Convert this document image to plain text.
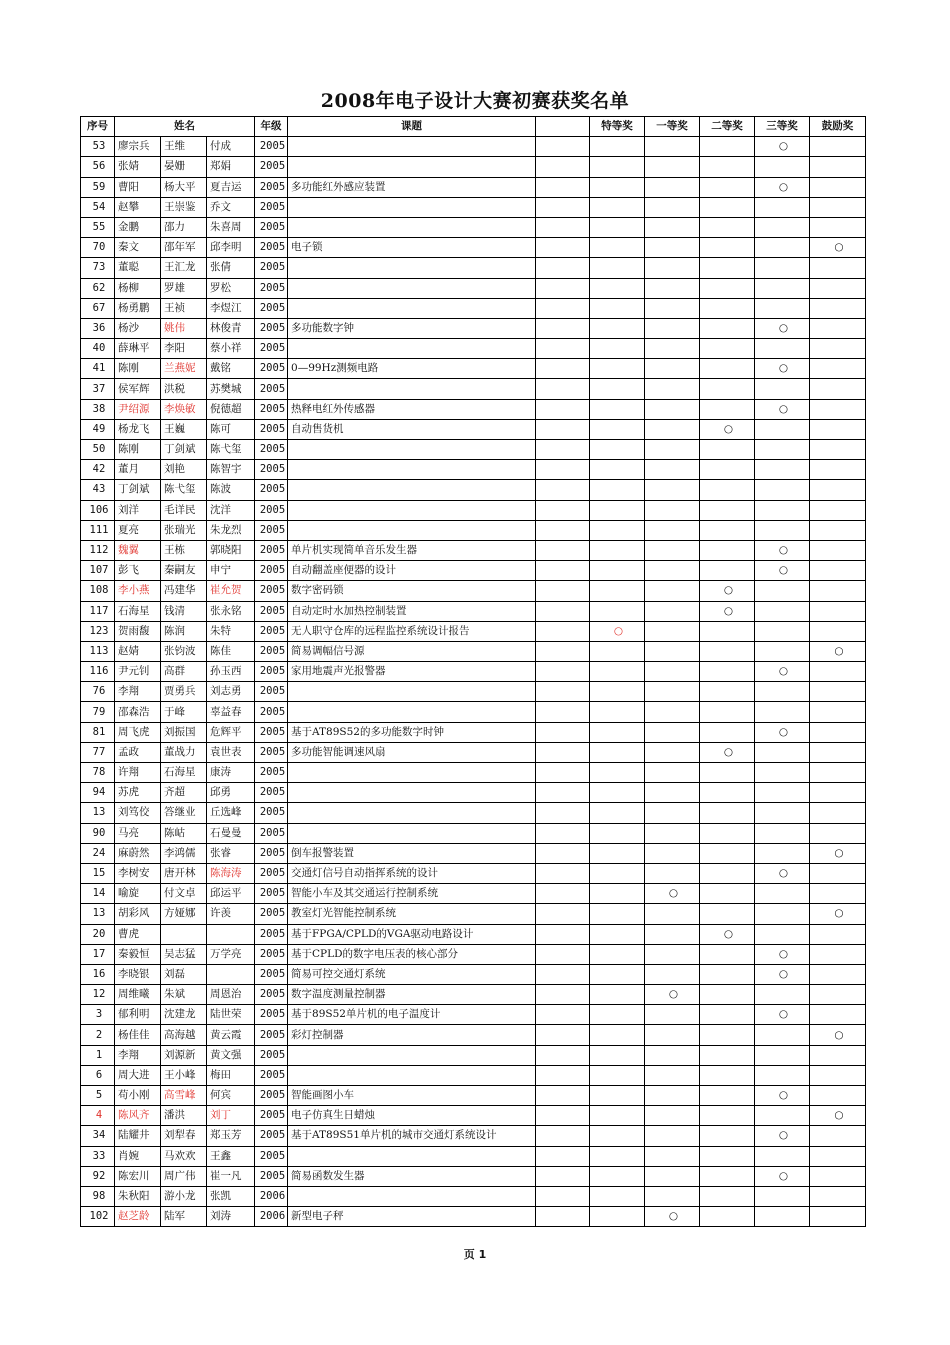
2008年电子设计大赛初赛获奖名单
序号	姓名			年级	课题		特等奖	一等奖	二等奖	三等奖	鼓励奖
53	廖宗兵	王维	付成	2005						○	
56	张婧	晏姗	郑娟	2005							
59	曹阳	杨大平	夏吉运	2005	多功能红外感应装置					○	
54	赵攀	王崇鉴	乔文	2005							
55	金鹏	邵力	朱喜周	2005							
70	秦文	邵年军	邱李明	2005	电子锁						○
73	董聪	王汇龙	张倩	2005							
62	杨柳	罗雄	罗松	2005							
67	杨勇鹏	王祯	李煜江	2005							
36	杨沙	姚伟	林俊青	2005	多功能数字钟					○	
40	薛琳平	李阳	蔡小祥	2005							
41	陈刚	兰燕妮	戴铭	2005	0—99Hz测频电路					○	
37	侯军辉	洪税	苏樊城	2005							
38	尹绍源	李焕敏	倪德超	2005	热释电红外传感器					○	
49	杨龙飞	王巍	陈可	2005	自动售货机				○		
50	陈刚	丁剑斌	陈弋玺	2005							
42	董月	刘艳	陈智宇	2005							
43	丁剑斌	陈弋玺	陈波	2005							
106	刘洋	毛详民	沈洋	2005							
111	夏亮	张瑞光	朱龙烈	2005							
112	魏翼	王栋	郭晓阳	2005	单片机实现简单音乐发生器					○	
107	彭飞	秦嗣友	申宁	2005	自动翻盖座便器的设计					○	
108	李小燕	冯建华	崔允贺	2005	数字密码锁				○		
117	石海星	钱清	张永铭	2005	自动定时水加热控制装置				○		
123	贺雨馥	陈润	朱特	2005	无人职守仓库的远程监控系统设计报告		○				
113	赵婧	张钧波	陈佳	2005	简易调幅信号源						○
116	尹元钊	高群	孙玉西	2005	家用地震声光报警器					○	
76	李翔	贾勇兵	刘志勇	2005							
79	邵森浩	于峰	辜益春	2005							
81	周飞虎	刘振国	危辉平	2005	基于AT89S52的多功能数字时钟					○	
77	孟政	董战力	袁世表	2005	多功能智能调速风扇				○		
78	许翔	石海星	康涛	2005							
94	苏虎	齐超	邱勇	2005							
13	刘笃佼	答继业	丘选峰	2005							
90	马亮	陈岵	石曼曼	2005							
24	麻蔚然	李鸿儒	张睿	2005	倒车报警装置						○
15	李树安	唐开林	陈海涛	2005	交通灯信号自动指挥系统的设计					○	
14	喻旋	付文卓	邱运平	2005	智能小车及其交通运行控制系统			○			
13	胡彩风	方娅娜	许羡	2005	教室灯光智能控制系统						○
20	曹虎			2005	基于FPGA/CPLD的VGA驱动电路设计				○		
17	秦毅恒	吴志猛	万学亮	2005	基于CPLD的数字电压表的核心部分					○	
16	李晓银	刘磊		2005	简易可控交通灯系统					○	
12	周维曦	朱斌	周恩治	2005	数字温度测量控制器			○			
3	郁利明	沈建龙	陆世荣	2005	基于89S52单片机的电子温度计					○	
2	杨佳佳	高海越	黄云霞	2005	彩灯控制器						○
1	李翔	刘源新	黄文强	2005							
6	周大进	王小峰	梅田	2005							
5	苟小刚	高雪峰	何宾	2005	智能画图小车					○	
4	陈风齐	潘洪	刘丁	2005	电子仿真生日蜡烛						○
34	陆耀井	刘犁春	郑玉芳	2005	基于AT89S51单片机的城市交通灯系统设计					○	
33	肖婉	马欢欢	王鑫	2005							
92	陈宏川	周广伟	崔一凡	2005	简易函数发生器					○	
98	朱秋阳	游小龙	张凯	2006							
102	赵芝龄	陆军	刘涛	2006	新型电子秤			○			
页 1
